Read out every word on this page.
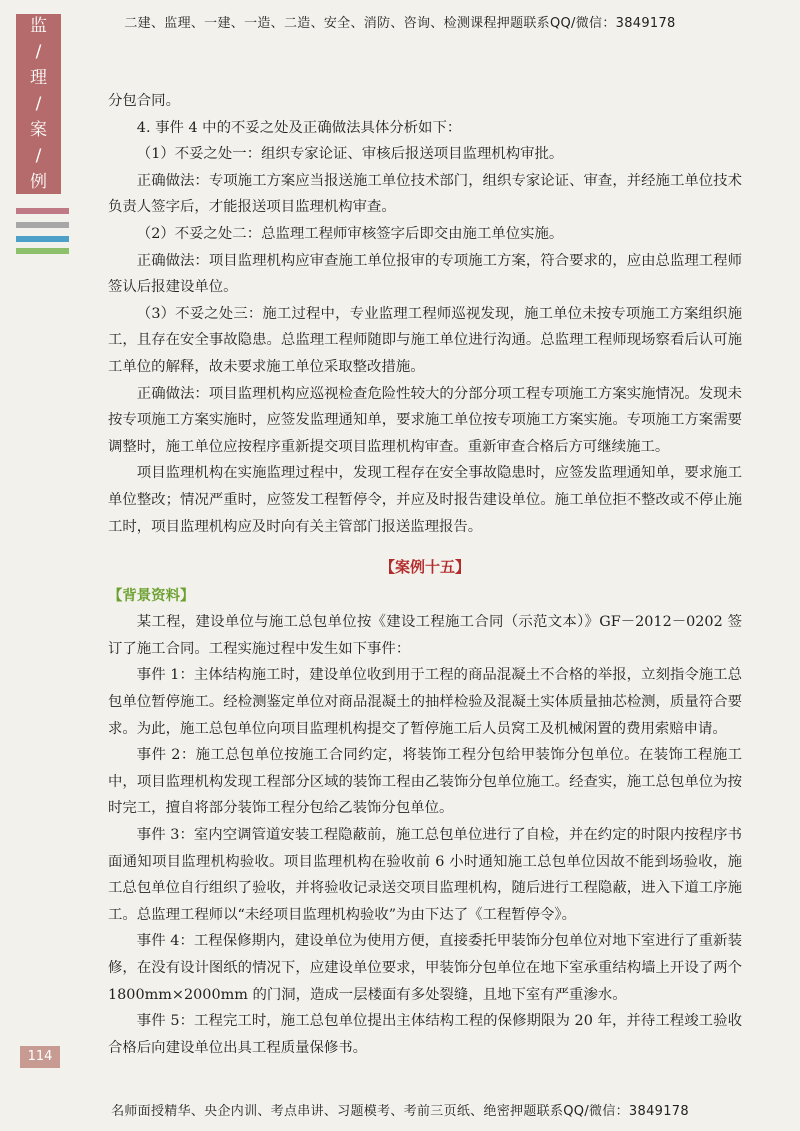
二建、监理、一建、一造、二造、安全、消防、咨询、检测课程押题联系QQ/微信：3849178
监
/
理
/
案
/
例

分包合同。

4. 事件 4 中的不妥之处及正确做法具体分析如下：

（1）不妥之处一：组织专家论证、审核后报送项目监理机构审批。

正确做法：专项施工方案应当报送施工单位技术部门，组织专家论证、审查，并经施工单位技术负责人签字后，才能报送项目监理机构审查。

（2）不妥之处二：总监理工程师审核签字后即交由施工单位实施。

正确做法：项目监理机构应审查施工单位报审的专项施工方案，符合要求的，应由总监理工程师签认后报建设单位。

（3）不妥之处三：施工过程中，专业监理工程师巡视发现，施工单位未按专项施工方案组织施工，且存在安全事故隐患。总监理工程师随即与施工单位进行沟通。总监理工程师现场察看后认可施工单位的解释，故未要求施工单位采取整改措施。

正确做法：项目监理机构应巡视检查危险性较大的分部分项工程专项施工方案实施情况。发现未按专项施工方案实施时，应签发监理通知单，要求施工单位按专项施工方案实施。专项施工方案需要调整时，施工单位应按程序重新提交项目监理机构审查。重新审查合格后方可继续施工。

项目监理机构在实施监理过程中，发现工程存在安全事故隐患时，应签发监理通知单，要求施工单位整改；情况严重时，应签发工程暂停令，并应及时报告建设单位。施工单位拒不整改或不停止施工时，项目监理机构应及时向有关主管部门报送监理报告。

【案例十五】

【背景资料】

某工程，建设单位与施工总包单位按《建设工程施工合同（示范文本）》GF－2012－0202 签订了施工合同。工程实施过程中发生如下事件：

事件 1：主体结构施工时，建设单位收到用于工程的商品混凝土不合格的举报，立刻指令施工总包单位暂停施工。经检测鉴定单位对商品混凝土的抽样检验及混凝土实体质量抽芯检测，质量符合要求。为此，施工总包单位向项目监理机构提交了暂停施工后人员窝工及机械闲置的费用索赔申请。

事件 2：施工总包单位按施工合同约定，将装饰工程分包给甲装饰分包单位。在装饰工程施工中，项目监理机构发现工程部分区域的装饰工程由乙装饰分包单位施工。经查实，施工总包单位为按时完工，擅自将部分装饰工程分包给乙装饰分包单位。

事件 3：室内空调管道安装工程隐蔽前，施工总包单位进行了自检，并在约定的时限内按程序书面通知项目监理机构验收。项目监理机构在验收前 6 小时通知施工总包单位因故不能到场验收，施工总包单位自行组织了验收，并将验收记录送交项目监理机构，随后进行工程隐蔽，进入下道工序施工。总监理工程师以“未经项目监理机构验收”为由下达了《工程暂停令》。

事件 4：工程保修期内，建设单位为使用方便，直接委托甲装饰分包单位对地下室进行了重新装修，在没有设计图纸的情况下，应建设单位要求，甲装饰分包单位在地下室承重结构墙上开设了两个 1800mm×2000mm 的门洞，造成一层楼面有多处裂缝，且地下室有严重渗水。

事件 5：工程完工时，施工总包单位提出主体结构工程的保修期限为 20 年，并待工程竣工验收合格后向建设单位出具工程质量保修书。

114
名师面授精华、央企内训、考点串讲、习题模考、考前三页纸、绝密押题联系QQ/微信：3849178
